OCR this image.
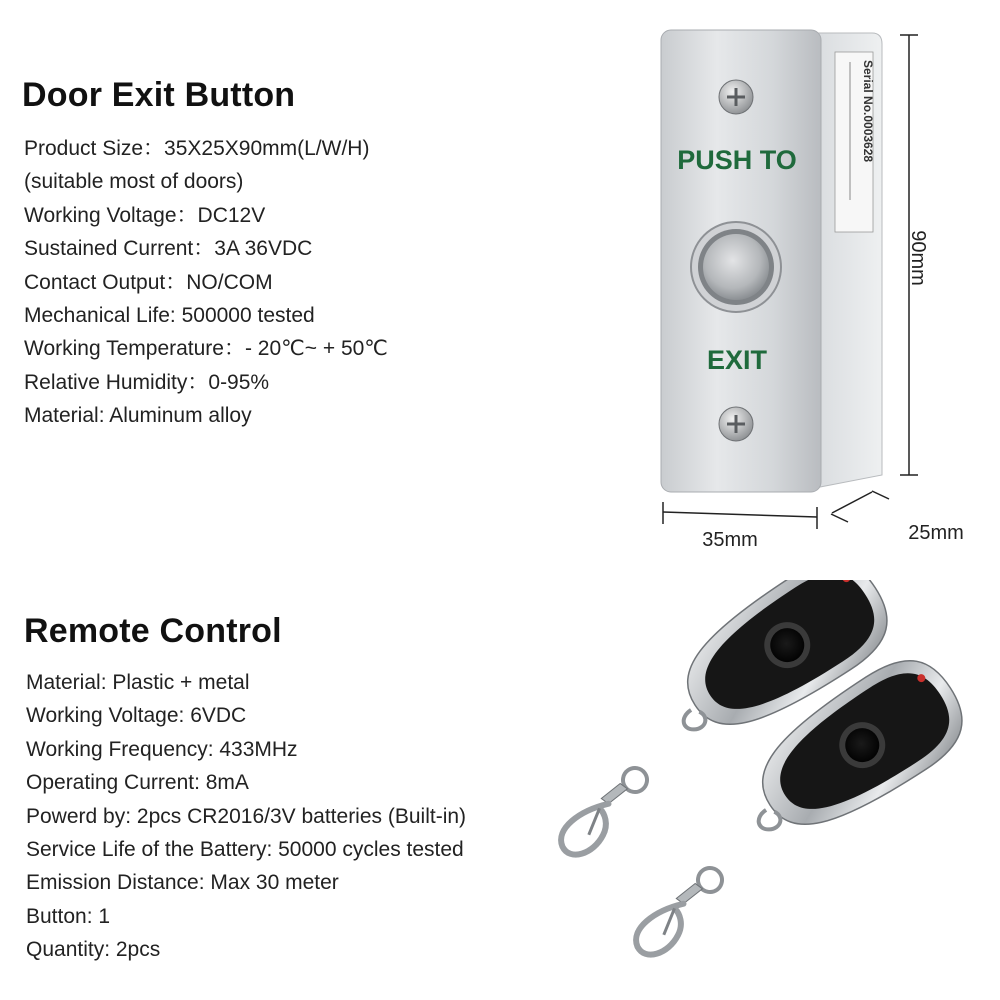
Door Exit Button
Product Size：35X25X90mm(L/W/H)
(suitable most of doors)
Working Voltage：DC12V
Sustained Current：3A 36VDC
Contact Output：NO/COM
Mechanical Life: 500000 tested
Working Temperature：- 20℃~ + 50℃
Relative Humidity：0-95%
Material: Aluminum alloy
Serial No.0003628
PUSH TO
EXIT
90mm
35mm	25mm
Remote Control
Material: Plastic + metal
Working Voltage: 6VDC
Working Frequency: 433MHz
Operating Current: 8mA
Powerd by: 2pcs CR2016/3V batteries (Built-in)
Service Life of the Battery: 50000 cycles tested
Emission Distance: Max 30 meter
Button: 1
Quantity: 2pcs
